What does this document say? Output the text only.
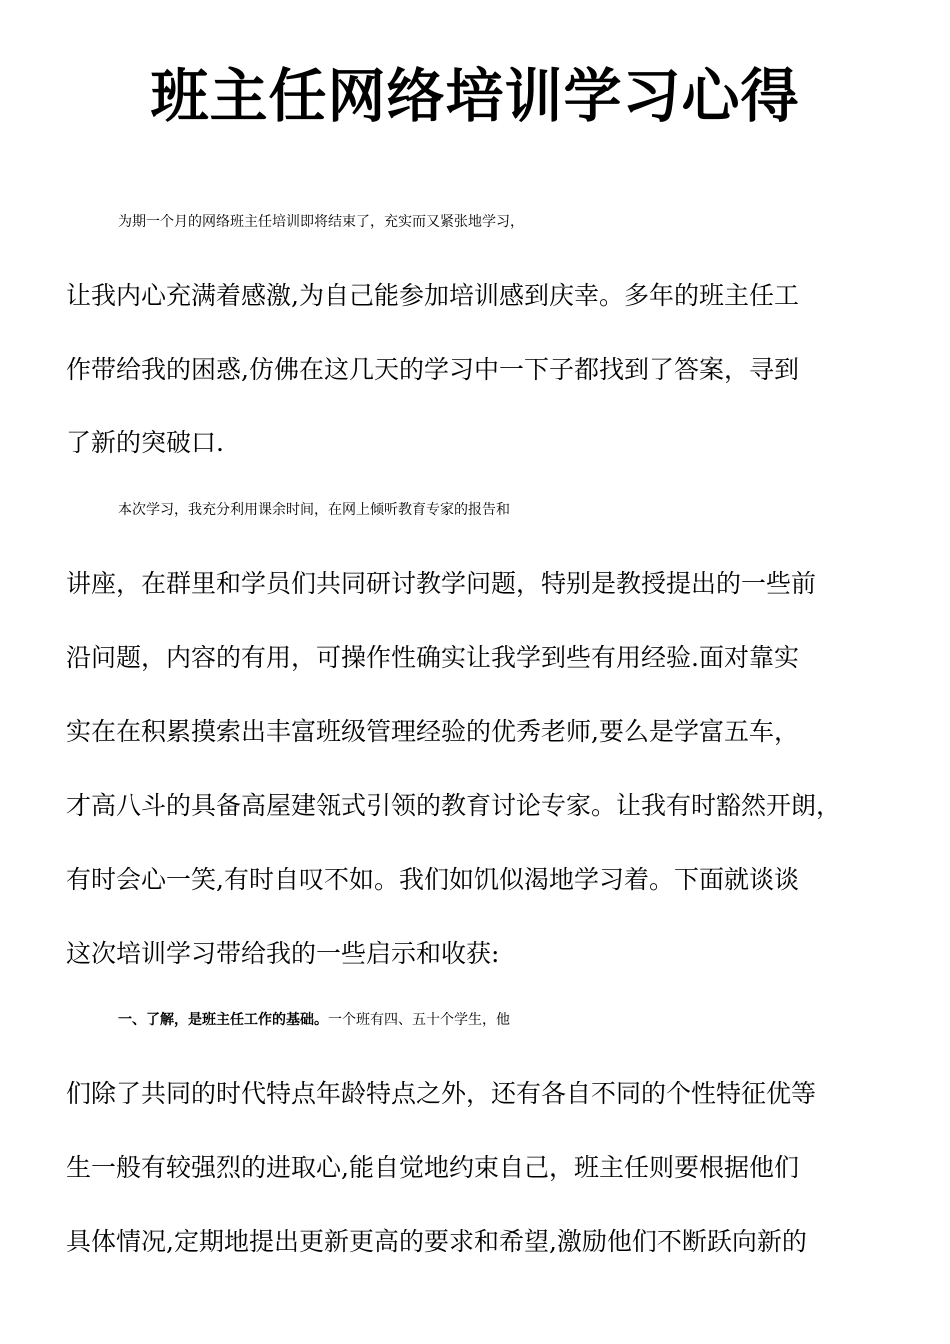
班主任网络培训学习心得

为期一个月的网络班主任培训即将结束了，充实而又紧张地学习，

让我内心充满着感激,为自己能参加培训感到庆幸。多年的班主任工

作带给我的困惑,仿佛在这几天的学习中一下子都找到了答案，寻到

了新的突破口.

本次学习，我充分利用课余时间，在网上倾听教育专家的报告和

讲座，在群里和学员们共同研讨教学问题，特别是教授提出的一些前

沿问题，内容的有用，可操作性确实让我学到些有用经验.面对靠实

实在在积累摸索出丰富班级管理经验的优秀老师,要么是学富五车，

才高八斗的具备高屋建瓴式引领的教育讨论专家。让我有时豁然开朗，

有时会心一笑,有时自叹不如。我们如饥似渴地学习着。下面就谈谈

这次培训学习带给我的一些启示和收获:

一、了解，是班主任工作的基础。一个班有四、五十个学生，他

们除了共同的时代特点年龄特点之外，还有各自不同的个性特征优等

生一般有较强烈的进取心,能自觉地约束自己，班主任则要根据他们

具体情况,定期地提出更新更高的要求和希望,激励他们不断跃向新的
